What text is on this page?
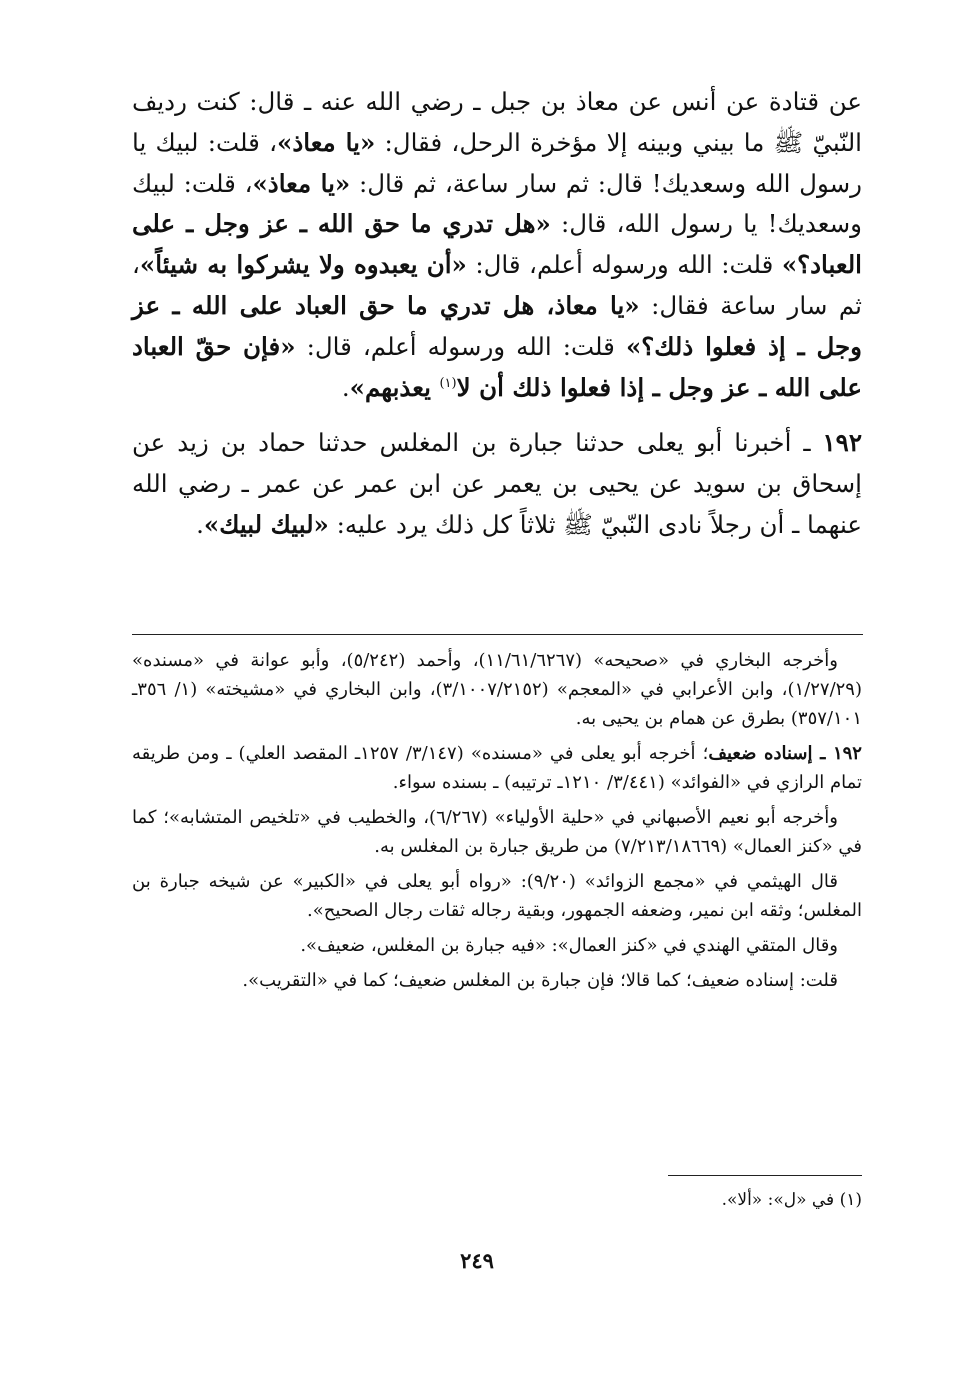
عن قتادة عن أنس عن معاذ بن جبل ـ رضي الله عنه ـ قال: كنت رديف النّبيّ ﷺ ما بيني وبينه إلا مؤخرة الرحل، فقال: «يا معاذ»، قلت: لبيك يا رسول الله وسعديك! قال: ثم سار ساعة، ثم قال: «يا معاذ»، قلت: لبيك وسعديك! يا رسول الله، قال: «هل تدري ما حق الله ـ عز وجل ـ على العباد؟» قلت: الله ورسوله أعلم، قال: «أن يعبدوه ولا يشركوا به شيئاً»، ثم سار ساعة فقال: «يا معاذ، هل تدري ما حق العباد على الله ـ عز وجل ـ إذ فعلوا ذلك؟» قلت: الله ورسوله أعلم، قال: «فإن حقّ العباد على الله ـ عز وجل ـ إذا فعلوا ذلك أن لا$^{(١)}$ يعذبهم».

١٩٢ ـ أخبرنا أبو يعلى حدثنا جبارة بن المغلس حدثنا حماد بن زيد عن إسحاق بن سويد عن يحيى بن يعمر عن ابن عمر عن عمر ـ رضي الله عنهما ـ أن رجلاً نادى النّبيّ ﷺ ثلاثاً كل ذلك يرد عليه: «لبيك لبيك».

وأخرجه البخاري في «صحيحه» (١١/٦١/٦٢٦٧)، وأحمد (٥/٢٤٢)، وأبو عوانة في «مسنده» (١/٢٧/٢٩)، وابن الأعرابي في «المعجم» (٣/١٠٠٧/٢١٥٢)، وابن البخاري في «مشيخته» (١/ ٣٥٦ـ ٣٥٧/١٠١) بطرق عن همام بن يحيى به.

١٩٢ ـ إسناده ضعيف؛ أخرجه أبو يعلى في «مسنده» (٣/١٤٧/ ١٢٥٧ـ المقصد العلي) ـ ومن طريقه تمام الرازي في «الفوائد» (٣/٤٤١/ ١٢١٠ـ ترتيبه) ـ بسنده سواء.

وأخرجه أبو نعيم الأصبهاني في «حلية الأولياء» (٦/٢٦٧)، والخطيب في «تلخيص المتشابه»؛ كما في «كنز العمال» (٧/٢١٣/١٨٦٦٩) من طريق جبارة بن المغلس به.

قال الهيثمي في «مجمع الزوائد» (٩/٢٠): «رواه أبو يعلى في «الكبير» عن شيخه جبارة بن المغلس؛ وثقه ابن نمير، وضعفه الجمهور، وبقية رجاله ثقات رجال الصحيح».

وقال المتقي الهندي في «كنز العمال»: «فيه جبارة بن المغلس، ضعيف».

قلت: إسناده ضعيف؛ كما قالا؛ فإن جبارة بن المغلس ضعيف؛ كما في «التقريب».

(١) في «ل»: «ألا».
٢٤٩
